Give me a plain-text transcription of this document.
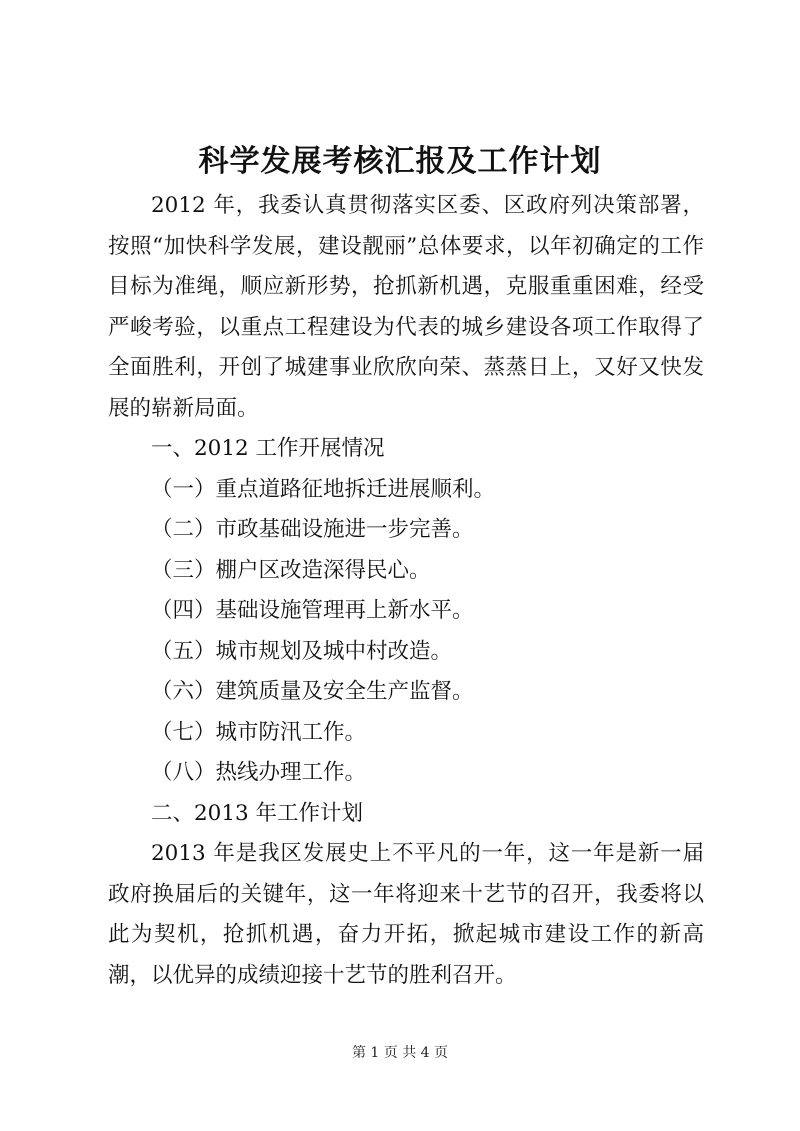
科学发展考核汇报及工作计划

2012 年，我委认真贯彻落实区委、区政府列决策部署，按照“加快科学发展，建设靓丽”总体要求，以年初确定的工作目标为准绳，顺应新形势，抢抓新机遇，克服重重困难，经受严峻考验，以重点工程建设为代表的城乡建设各项工作取得了全面胜利，开创了城建事业欣欣向荣、蒸蒸日上，又好又快发展的崭新局面。

一、2012 工作开展情况

（一）重点道路征地拆迁进展顺利。

（二）市政基础设施进一步完善。

（三）棚户区改造深得民心。

（四）基础设施管理再上新水平。

（五）城市规划及城中村改造。

（六）建筑质量及安全生产监督。

（七）城市防汛工作。

（八）热线办理工作。

二、2013 年工作计划

2013 年是我区发展史上不平凡的一年，这一年是新一届政府换届后的关键年，这一年将迎来十艺节的召开，我委将以此为契机，抢抓机遇，奋力开拓，掀起城市建设工作的新高潮，以优异的成绩迎接十艺节的胜利召开。

第 1 页 共 4 页
